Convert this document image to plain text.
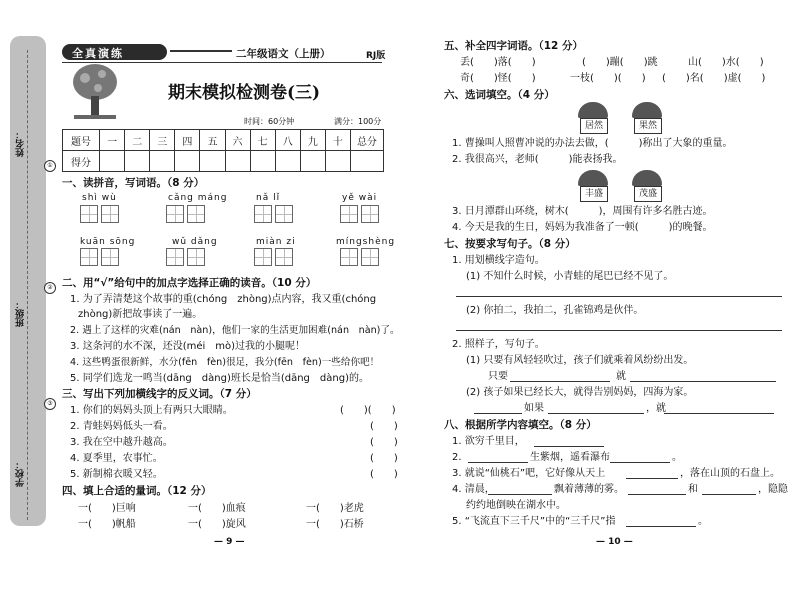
姓名：
班级：
学校：
①
②
③
全真演练	二年级语文（上册）	RJ版
期末模拟检测卷(三)
时间：60分钟	满分：100分
题号	一	二	三	四	五	六	七	八	九	十	总分
得分											
一、读拼音，写词语。（8 分）
shì wù	cǎng máng	nǎ lǐ	yě wài
kuān sōng	wǔ dǎng	miàn zi	míngshèng
二、用“√”给句中的加点字选择正确的读音。（10 分）
1. 为了弄清楚这个故事的重(chóng　zhòng)点内容，我又重(chóng
zhòng)新把故事读了一遍。
2. 遇上了这样的灾难(nán　nàn)，他们一家的生活更加困难(nán　nàn)了。
3. 这条河的水不深，还没(méi　mò)过我的小腿呢！
4. 这些鸭蛋很新鲜，水分(fēn　fèn)很足，我分(fēn　fèn)一些给你吧！
5. 同学们选龙一鸣当(dāng　dàng)班长是恰当(dāng　dàng)的。
三、写出下列加横线字的反义词。（7 分）
1. 你们的妈妈头顶上有两只大眼睛。	(　　)(　　)
2. 青蛙妈妈低头一看。	(　　)
3. 我在空中越升越高。	(　　)
4. 夏季里，农事忙。	(　　)
5. 新制棉衣暖又轻。	(　　)
四、填上合适的量词。（12 分）
一(　　)巨响	一(　　)血痕	一(　　)老虎
一(　　)帆船	一(　　)旋风	一(　　)石桥
— 9 —
五、补全四字词语。（12 分）
丢(　　)落(　　)	(　　)蹦(　　)跳	山(　　)水(　　)
奇(　　)怪(　　)	一枝(　　)(　　) (　　)名(　　)虚(　　)
六、选词填空。（4 分）
居然	果然
1. 曹操叫人照曹冲说的办法去做，(　　　)称出了大象的重量。
2. 我很高兴，老师(　　　)能表扬我。
丰盛	茂盛
3. 日月潭群山环绕，树木(　　　)，周围有许多名胜古迹。
4. 今天是我的生日，妈妈为我准备了一顿(　　　)的晚餐。
七、按要求写句子。（8 分）
1. 用划横线字造句。
(1) 不知什么时候，小青蛙的尾巴已经不见了。
(2) 你拍二，我拍二，孔雀锦鸡是伙伴。
2. 照样子，写句子。
(1) 只要有风轻轻吹过，孩子们就乘着风纷纷出发。
只要	就
(2) 孩子如果已经长大，就得告别妈妈，四海为家。
如果	，就
八、根据所学内容填空。（8 分）
1. 欲穷千里目，
2.	生紫烟，遥看瀑布	。
3. 就说“仙桃石”吧，它好像从天上	，落在山顶的石盘上。
4. 清晨，	飘着薄薄的雾。	和	，隐隐
约约地倒映在湖水中。
5. “飞流直下三千尺”中的“三千尺”指	。
— 10 —
